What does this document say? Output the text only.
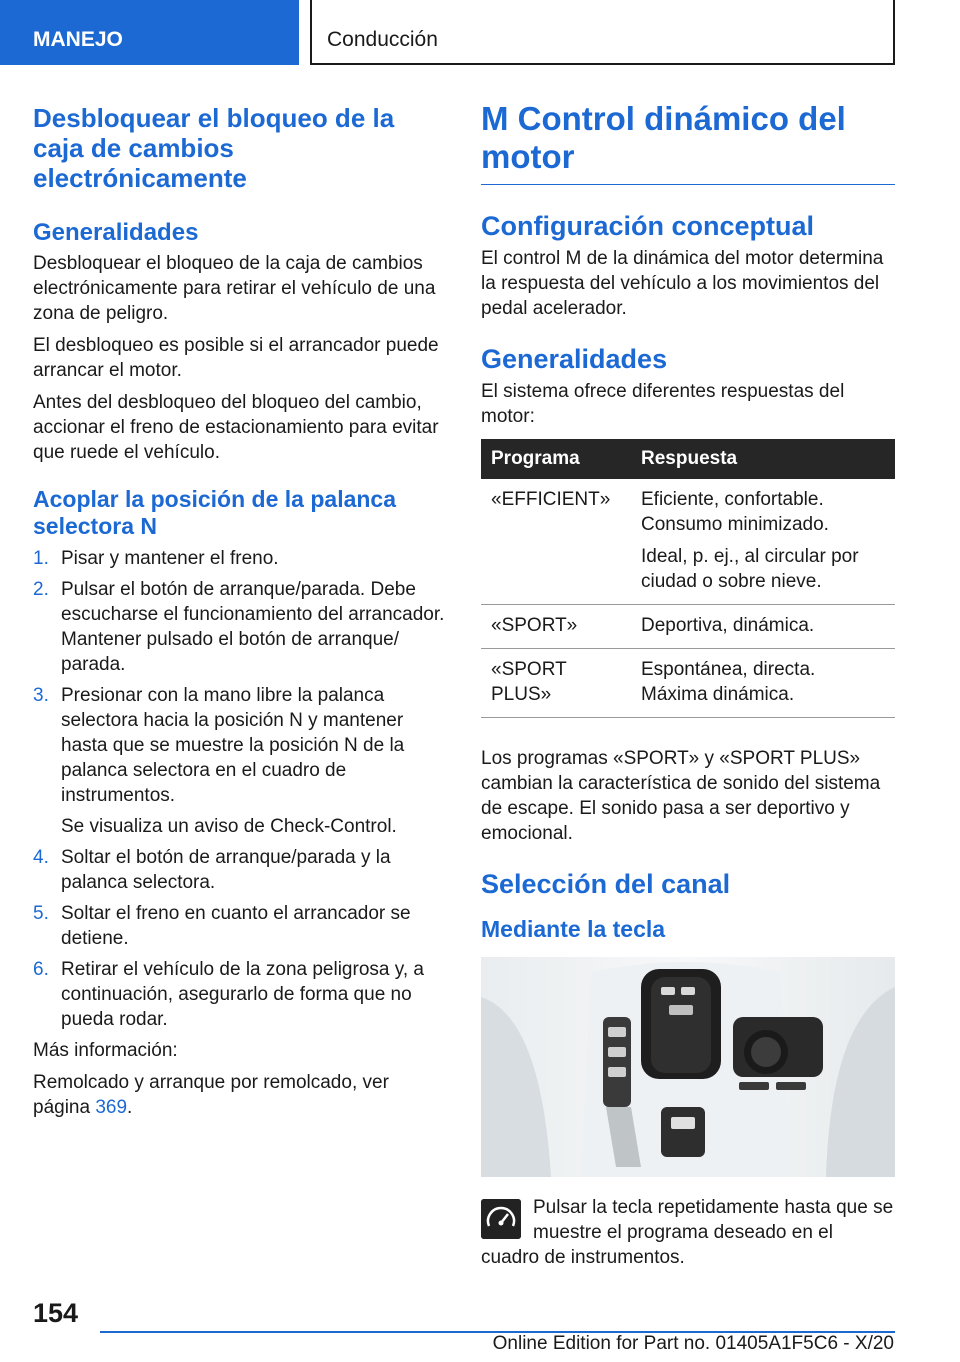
MANEJO	Conducción
Desbloquear el bloqueo de la caja de cambios electrónicamente
Generalidades

Desbloquear el bloqueo de la caja de cambios electrónicamente para retirar el vehículo de una zona de peligro.

El desbloqueo es posible si el arrancador puede arrancar el motor.

Antes del desbloqueo del bloqueo del cambio, accionar el freno de estacionamiento para evitar que ruede el vehículo.

Acoplar la posición de la palanca selectora N
1. Pisar y mantener el freno.
2. Pulsar el botón de arranque/parada. Debe escucharse el funcionamiento del arrancador. Mantener pulsado el botón de arranque/ parada.
3. Presionar con la mano libre la palanca selectora hacia la posición N y mantener hasta que se muestre la posición N de la palanca selectora en el cuadro de instrumentos.
Se visualiza un aviso de Check-Control.
4. Soltar el botón de arranque/parada y la palanca selectora.
5. Soltar el freno en cuanto el arrancador se detiene.
6. Retirar el vehículo de la zona peligrosa y, a continuación, asegurarlo de forma que no pueda rodar.

Más información:

Remolcado y arranque por remolcado, ver página 369.

M Control dinámico del motor
Configuración conceptual

El control M de la dinámica del motor determina la respuesta del vehículo a los movimientos del pedal acelerador.

Generalidades

El sistema ofrece diferentes respuestas del motor:

Programa	Respuesta
«EFFICIENT»	Eficiente, confortable. Consumo minimizado.

Ideal, p. ej., al circular por ciudad o sobre nieve.

«SPORT»	Deportiva, dinámica.
«SPORT PLUS»	Espontánea, directa. Máxima dinámica.

Los programas «SPORT» y «SPORT PLUS» cambian la característica de sonido del sistema de escape. El sonido pasa a ser deportivo y emocional.

Selección del canal
Mediante la tecla
Pulsar la tecla repetidamente hasta que se muestre el programa deseado en el cuadro de instrumentos.
154
Online Edition for Part no. 01405A1F5C6 - X/20
